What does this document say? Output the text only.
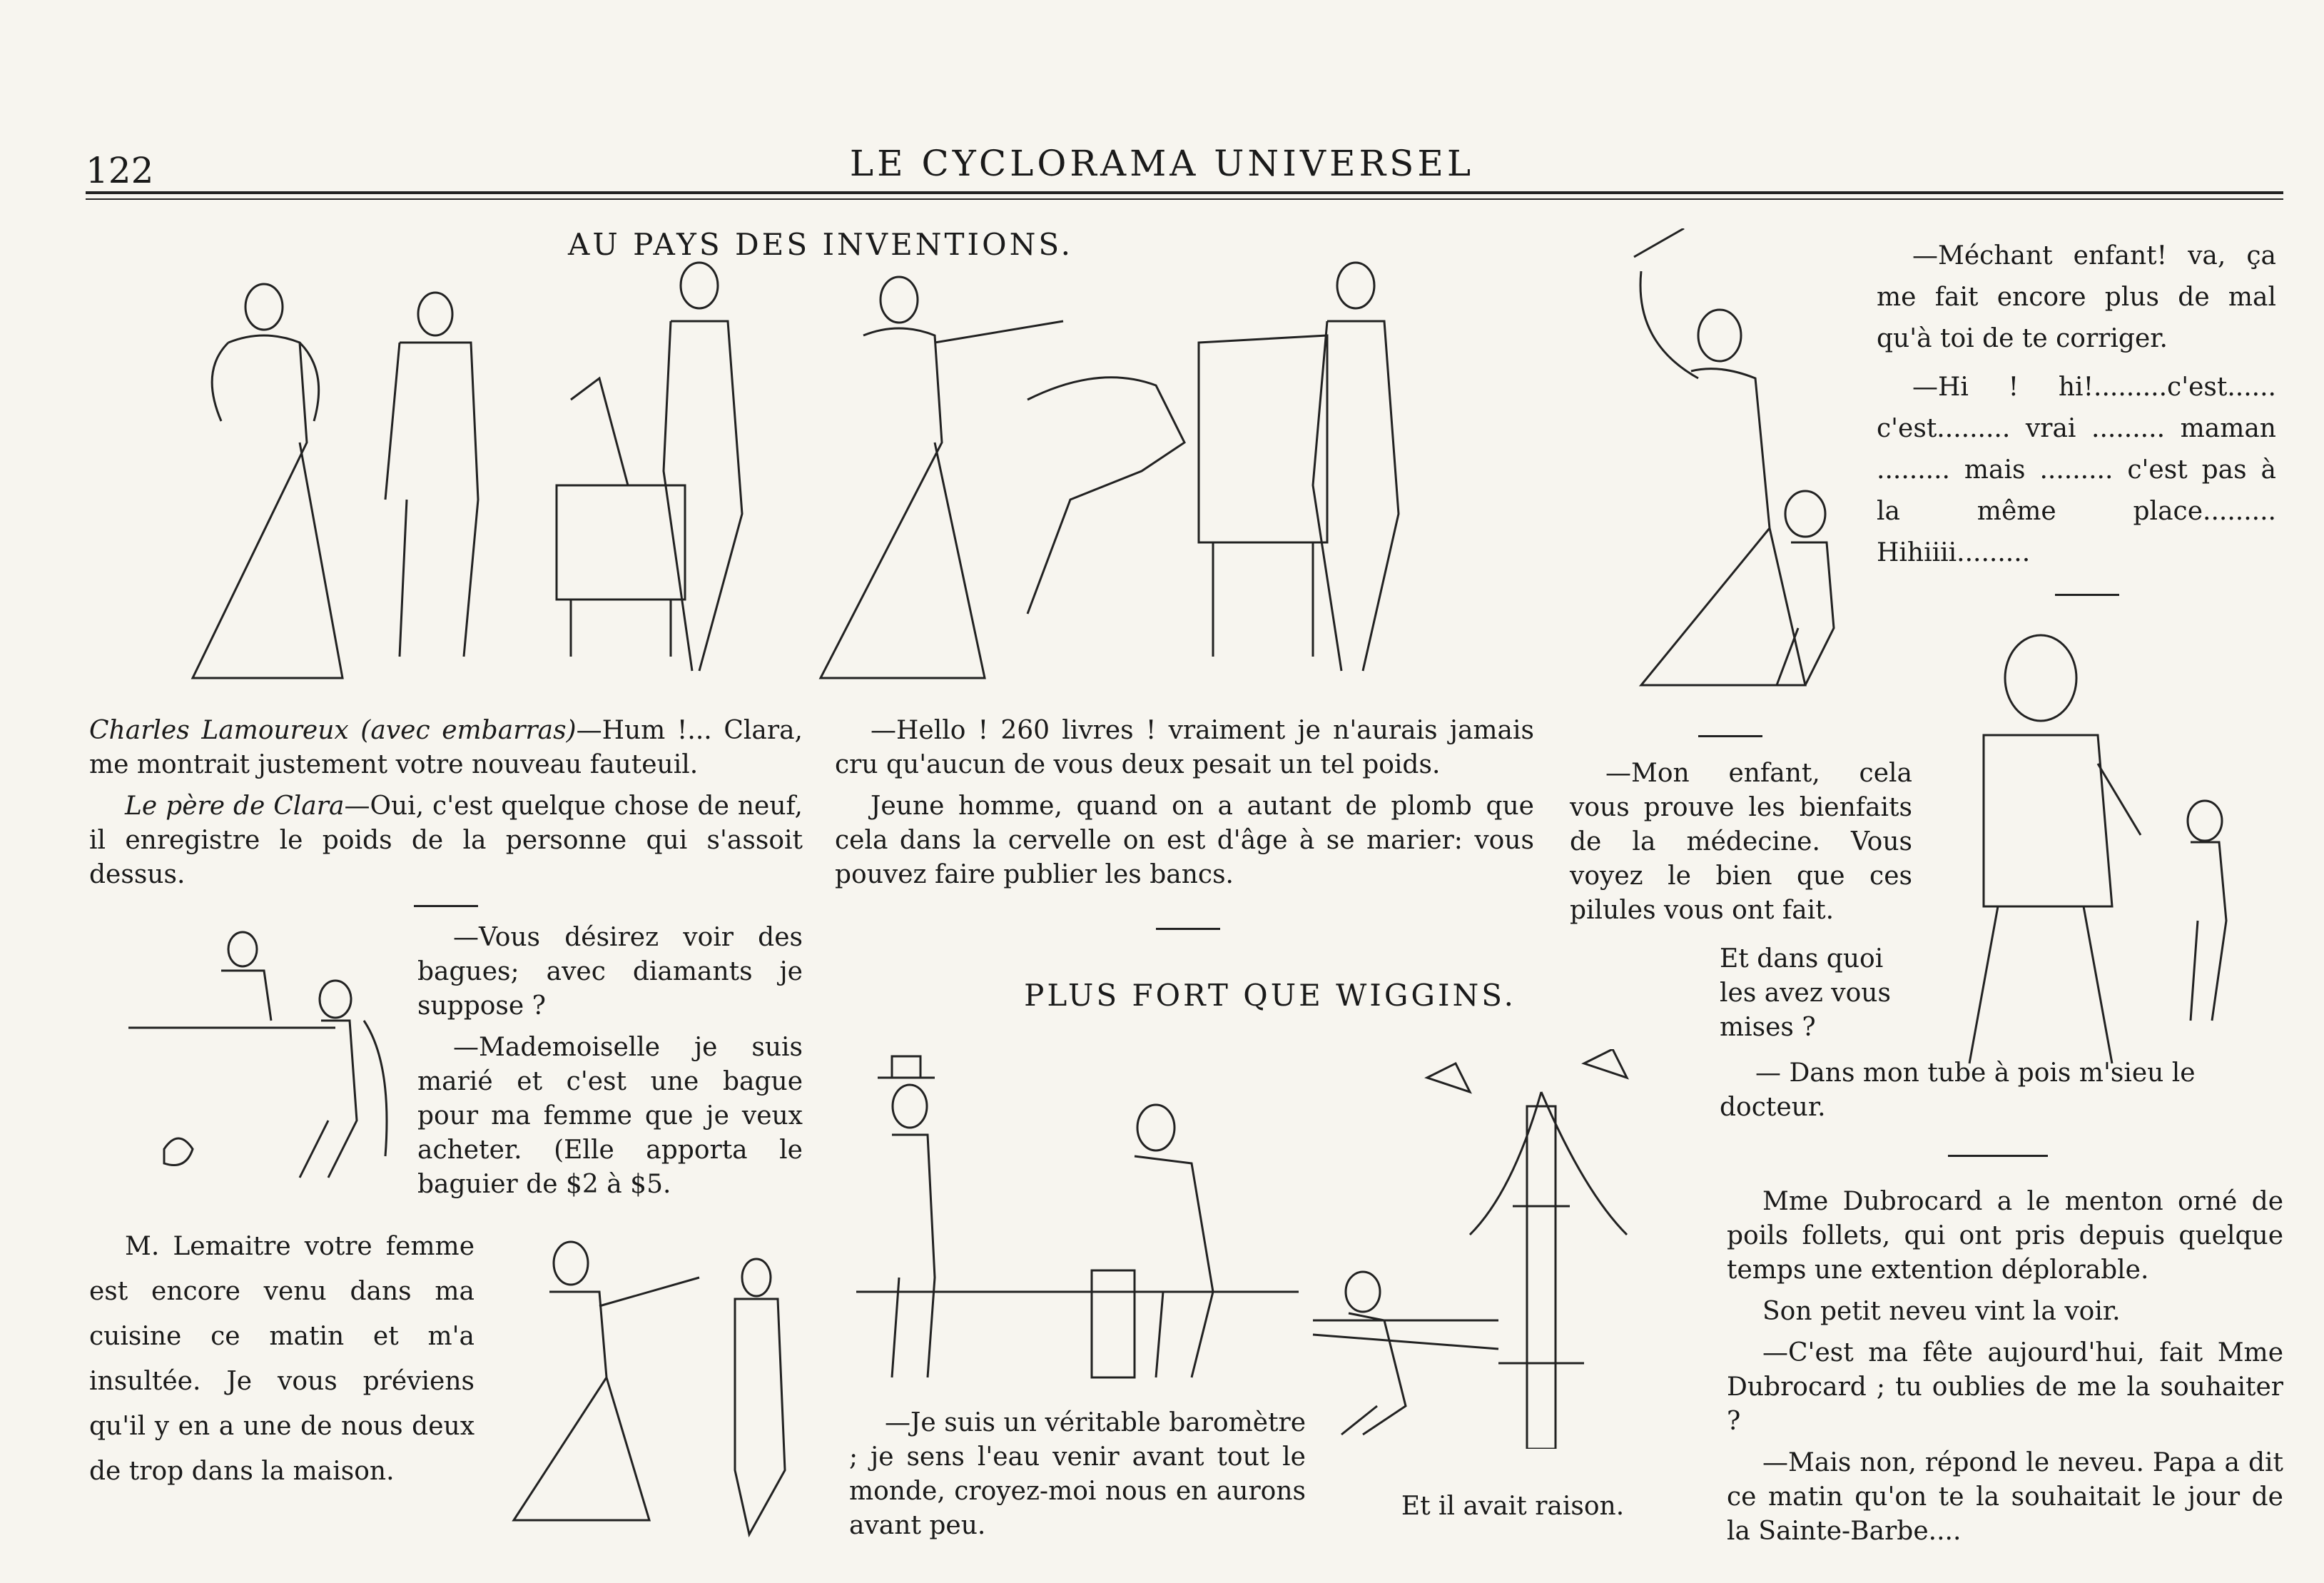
122	LE CYCLORAMA UNIVERSEL
AU PAYS DES INVENTIONS.

Charles Lamoureux (avec embarras)—Hum !... Clara, me montrait justement votre nouveau fauteuil.

Le père de Clara—Oui, c'est quelque chose de neuf, il enregistre le poids de la personne qui s'assoit dessus.

—Hello ! 260 livres ! vraiment je n'aurais jamais cru qu'aucun de vous deux pesait un tel poids.

Jeune homme, quand on a autant de plomb que cela dans la cervelle on est d'âge à se marier: vous pouvez faire publier les bancs.

—Vous désirez voir des bagues; avec diamants je suppose ?

—Mademoiselle je suis marié et c'est une bague pour ma femme que je veux acheter. (Elle apporta le baguier de $2 à $5.

M. Lemaitre votre femme est encore venu dans ma cuisine ce matin et m'a insultée. Je vous préviens qu'il y en a une de nous deux de trop dans la maison.

PLUS FORT QUE WIGGINS.

—Je suis un véritable baromètre ; je sens l'eau venir avant tout le monde, croyez-moi nous en aurons avant peu.

Et il avait raison.

—Méchant enfant! va, ça me fait encore plus de mal qu'à toi de te corriger.

—Hi ! hi!.........c'est...... c'est......... vrai ......... maman ......... mais ......... c'est pas à la même place......... Hihiiii.........

—Mon enfant, cela vous prouve les bienfaits de la médecine. Vous voyez le bien que ces pilules vous ont fait.

Et dans quoi les avez vous mises ?

— Dans mon tube à pois m'sieu le docteur.

Mme Dubrocard a le menton orné de poils follets, qui ont pris depuis quelque temps une extention déplorable.

Son petit neveu vint la voir.

—C'est ma fête aujourd'hui, fait Mme Dubrocard ; tu oublies de me la souhaiter ?

—Mais non, répond le neveu. Papa a dit ce matin qu'on te la souhaitait le jour de la Sainte-Barbe....
